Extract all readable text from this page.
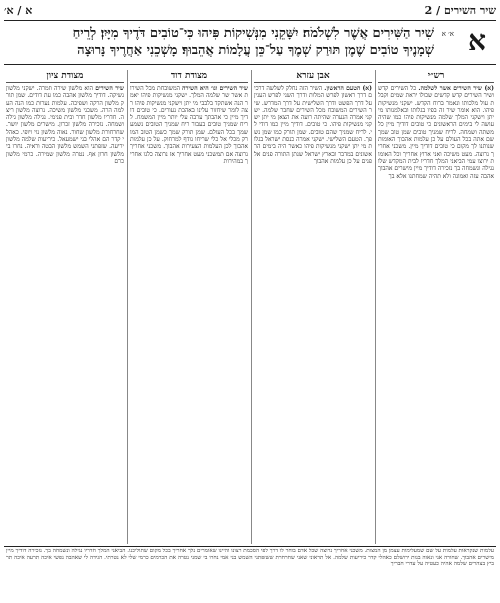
א / א׳	שיר השירים / 2
א
א׳ א
שִׁיר הַשִּׁירִים אֲשֶׁר לִשְׁלֹמֹה׃ יִשָּׁקֵנִי מִנְּשִׁיקוֹת פִּיהוּ כִּי־טוֹבִים דֹּדֶיךָ מִיָּיִן׃ לְרֵיחַ
שְׁמָנֶיךָ טוֹבִים שֶׁמֶן תּוּרַק שְׁמֶךָ עַל־כֵּן עֲלָמוֹת אֲהֵבוּךָ׃ מָשְׁכֵנִי אַחֲרֶיךָ נָּרוּצָה
רש״י
(א) שיר השירים אשר לשלמה. כל השירים קדש ושיר השירים קדש קדשים שכולו יראת שמים וקבלת עול מלכותו ונאמר ברוח הקדש. ישקני מנשיקות פיהו. הוא אומר שיר זה בפיו בגלותו ובאלמנותו מי יתן וישקני המלך שלמה מנשיקות פיהו כמו שהיה עושה לי בימים הראשונים כי טובים דודיך מיין כל משתה ושמחה. לריח שמניך טובים שמן טוב שמך שם אתה בכל העולם על כן עלמות אהבוך האומות שנותנו לך מקום כי טובים דודיך מיין. משכני אחריך נרוצה. מעט משיכה ואני ארוץ אחריך וכל האומות ירוצו עמי הביאני המלך חדריו לבית המקדש שלו נגילה ונשמחה בך נזכירה דודיך מיין מישרים אהבוך אהבה עזה ואמונה ולא תהיה שמחתנו אלא בך
אבן עזרא
(א) הטעם הראשון. השיר הזה נחלק לשלשה דרכים דרך ראשון לפרש המלות ודרך השני לפרש הענין על דרך הפשט ודרך השלישית על דרך המדרש. שיר השירים המשובח מכל השירים שחבר שלמה. ישקני אמרה הנערה שהיתה רועה את הצאן מי יתן ישקני מנשיקות פיהו. כי טובים. דודיך מיין כמו דודי לי. לריח שמניך שהם טובים. שמן תורק כמו שמן נשפך. הטעם השלישי. ישקני אמרה כנסת ישראל בגלות מי יתן ישקני מנשיקות פיהו כאשר היה בימים הראשונים במדבר ובארץ ישראל שנתן התורה פנים אל פנים על כן עלמות אהבוך
מצודת דוד
שיר השירים וגו׳ היא השירה המשובחת מכל השירות אשר שר שלמה המלך. ישקני מנשיקות פיהו יאמר הנה אשתקד בלבבי מי יתן וישקני מנשיקות פיהו רצה לומר שיחזור עלינו באהבת נעורים. כי טובים דודיך מיין כי אהבתך ערבה עלי יותר מיין המשמח. לריח שמניך טובים בעבור ריח שמניך הטובים נשמע שמך בכל העולם. שמן תורק שמך כשמן הטוב המורק מכלי אל כלי שריחו נודף למרחוק. על כן עלמות אהבוך לכן העלמות הצעירות אהבוך. משכני אחריך נרוצה אם תמשכני מעט אחריך אז נרוצה כלנו אחריך במהירות
מצודת ציון
שיר השירים הוא מלשון שירה וזמרה. ישקני מלשון נשיקה. דודיך מלשון אהבה כמו עת דודים. שמן תורק מלשון הרקה ושפיכה. עלמות נערות כמו הנה העלמה הרה. משכני מלשון משיכה. נרוצה מלשון ריצה. חדריו מלשון חדר ובית פנימי. נגילה מלשון גילה ושמחה. נזכירה מלשון זכרון. מישרים מלשון יושר. שחרחורת מלשון שחור. נאוה מלשון נוי ויופי. כאהלי קדר הם אהלי בני ישמעאל. כיריעות שלמה מלשון יריעה. שזפתני השמש מלשון הבטה וראיה. נחרו בי מלשון חרון אף. נטרה מלשון שמירה. כרמי מלשון כרם
עלמות שנקראות עלמות על שם שמעלימות עצמן מן המצות. משכני אחריך נרוצה שכל אדם בוחר לו דרך לפי הסכמת רצונו והיינו שאומרים נלך אחריך בכל מקום שתוליכנו. הביאני המלך חדריו נגילה ונשמחה בך. נזכירה דודיך מיין מישרים אהבוך. שחורה אני ונאוה בנות ירושלם כאהלי קדר כיריעות שלמה. אל תראוני שאני שחרחרת ששזפתני השמש בני אמי נחרו בי שמני נטרה את הכרמים כרמי שלי לא נטרתי. הגידה לי שאהבה נפשי איכה תרעה איכה תרביץ בצהרים שלמה אהיה כעטיה על עדרי חבריך
